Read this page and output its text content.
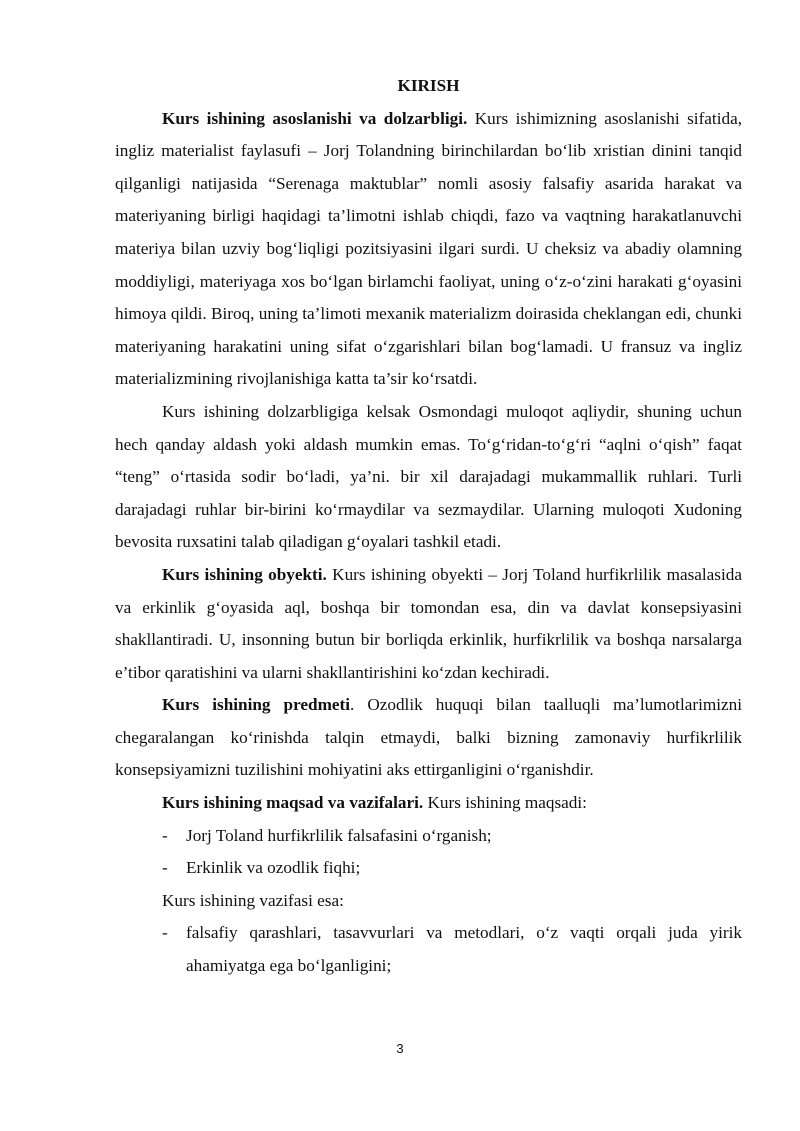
KIRISH

Kurs ishining asoslanishi va dolzarbligi. Kurs ishimizning asoslanishi sifatida, ingliz materialist faylasufi – Jorj Tolandning birinchilardan bo‘lib xristian dinini tanqid qilganligi natijasida “Serenaga maktublar” nomli asosiy falsafiy asarida harakat va materiyaning birligi haqidagi ta’limotni ishlab chiqdi, fazo va vaqtning harakatlanuvchi materiya bilan uzviy bog‘liqligi pozitsiyasini ilgari surdi. U cheksiz va abadiy olamning moddiyligi, materiyaga xos bo‘lgan birlamchi faoliyat, uning o‘z-o‘zini harakati g‘oyasini himoya qildi. Biroq, uning ta’limoti mexanik materializm doirasida cheklangan edi, chunki materiyaning harakatini uning sifat o‘zgarishlari bilan bog‘lamadi. U fransuz va ingliz materializmining rivojlanishiga katta ta’sir ko‘rsatdi.

Kurs ishining dolzarbligiga kelsak Osmondagi muloqot aqliydir, shuning uchun hech qanday aldash yoki aldash mumkin emas. To‘g‘ridan-to‘g‘ri “aqlni o‘qish” faqat “teng” o‘rtasida sodir bo‘ladi, ya’ni. bir xil darajadagi mukammallik ruhlari. Turli darajadagi ruhlar bir-birini ko‘rmaydilar va sezmaydilar. Ularning muloqoti Xudoning bevosita ruxsatini talab qiladigan g‘oyalari tashkil etadi.

Kurs ishining obyekti. Kurs ishining obyekti – Jorj Toland hurfikrlilik masalasida va erkinlik g‘oyasida aql, boshqa bir tomondan esa, din va davlat konsepsiyasini shakllantiradi. U, insonning butun bir borliqda erkinlik, hurfikrlilik va boshqa narsalarga e’tibor qaratishini va ularni shakllantirishini ko‘zdan kechiradi.

Kurs ishining predmeti. Ozodlik huquqi bilan taalluqli ma’lumotlarimizni chegaralangan ko‘rinishda talqin etmaydi, balki bizning zamonaviy hurfikrlilik konsepsiyamizni tuzilishini mohiyatini aks ettirganligini o‘rganishdir.

Kurs ishining maqsad va vazifalari. Kurs ishining maqsadi:

- Jorj Toland hurfikrlilik falsafasini o‘rganish;

- Erkinlik va ozodlik fiqhi;

Kurs ishining vazifasi esa:

- falsafiy qarashlari, tasavvurlari va metodlari, o‘z vaqti orqali juda yirik ahamiyatga ega bo‘lganligini;

3
